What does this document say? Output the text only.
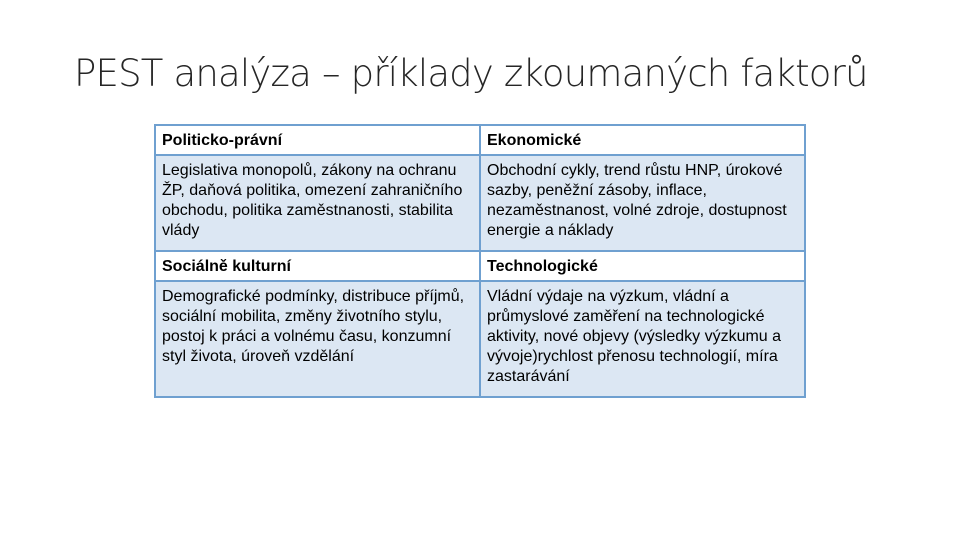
PEST analýza – příklady zkoumaných faktorů
Politicko-právní	Ekonomické
Legislativa monopolů, zákony na ochranu ŽP, daňová politika, omezení zahraničního obchodu, politika zaměstnanosti, stabilita vlády	Obchodní cykly, trend růstu HNP, úrokové sazby, peněžní zásoby, inflace, nezaměstnanost, volné zdroje, dostupnost energie a náklady
Sociálně kulturní	Technologické
Demografické podmínky, distribuce příjmů, sociální mobilita, změny životního stylu, postoj k práci a volnému času, konzumní styl života, úroveň vzdělání	Vládní výdaje na výzkum, vládní a průmyslové zaměření na technologické aktivity, nové objevy (výsledky výzkumu a vývoje)rychlost přenosu technologií, míra zastarávání
